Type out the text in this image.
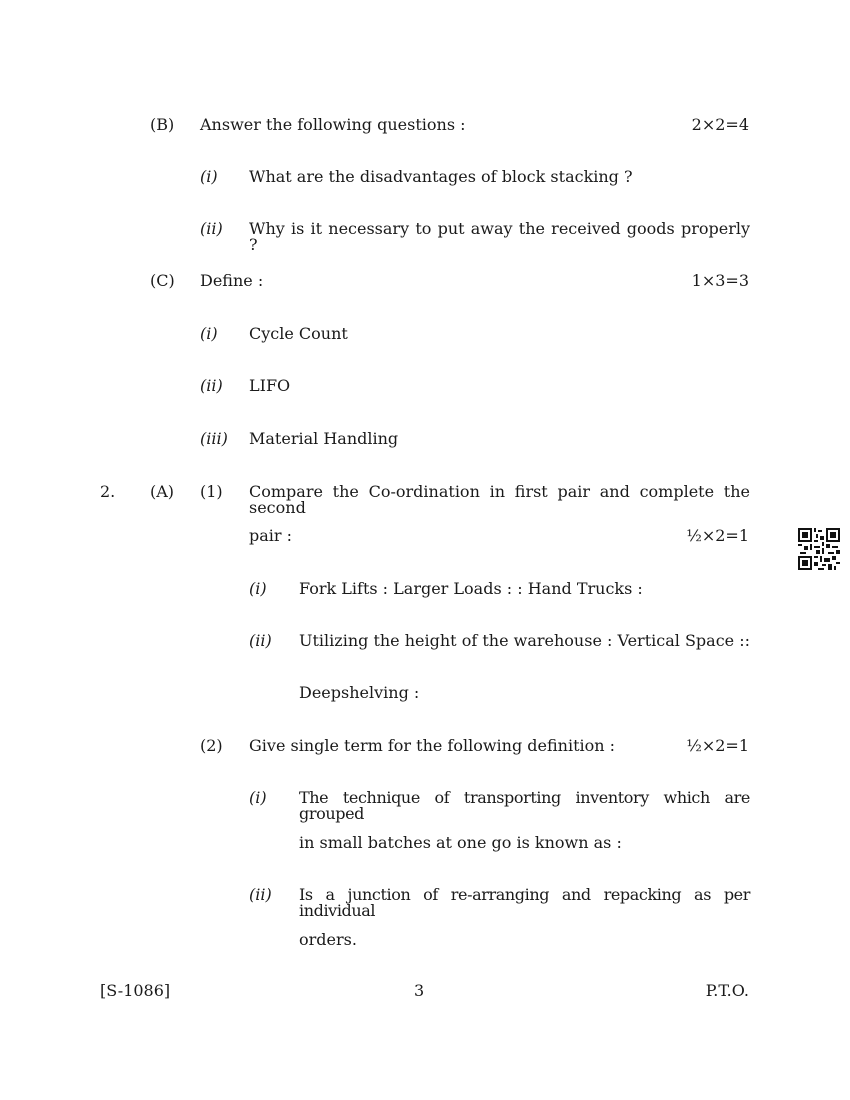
(B) Answer the following questions :	2×2=4
(i) What are the disadvantages of block stacking ?
(ii) Why is it necessary to put away the received goods properly ?
(C) Define :	1×3=3
(i) Cycle Count
(ii) LIFO
(iii) Material Handling
2. (A) (1) Compare the Co-ordination in first pair and complete the second
pair :	½×2=1
(i) Fork Lifts : Larger Loads : : Hand Trucks :
(ii) Utilizing the height of the warehouse : Vertical Space ::
Deepshelving :
(2) Give single term for the following definition :	½×2=1
(i) The technique of transporting inventory which are grouped
in small batches at one go is known as :
(ii) Is a junction of re-arranging and repacking as per individual
orders.
[S-1086]	3	P.T.O.
